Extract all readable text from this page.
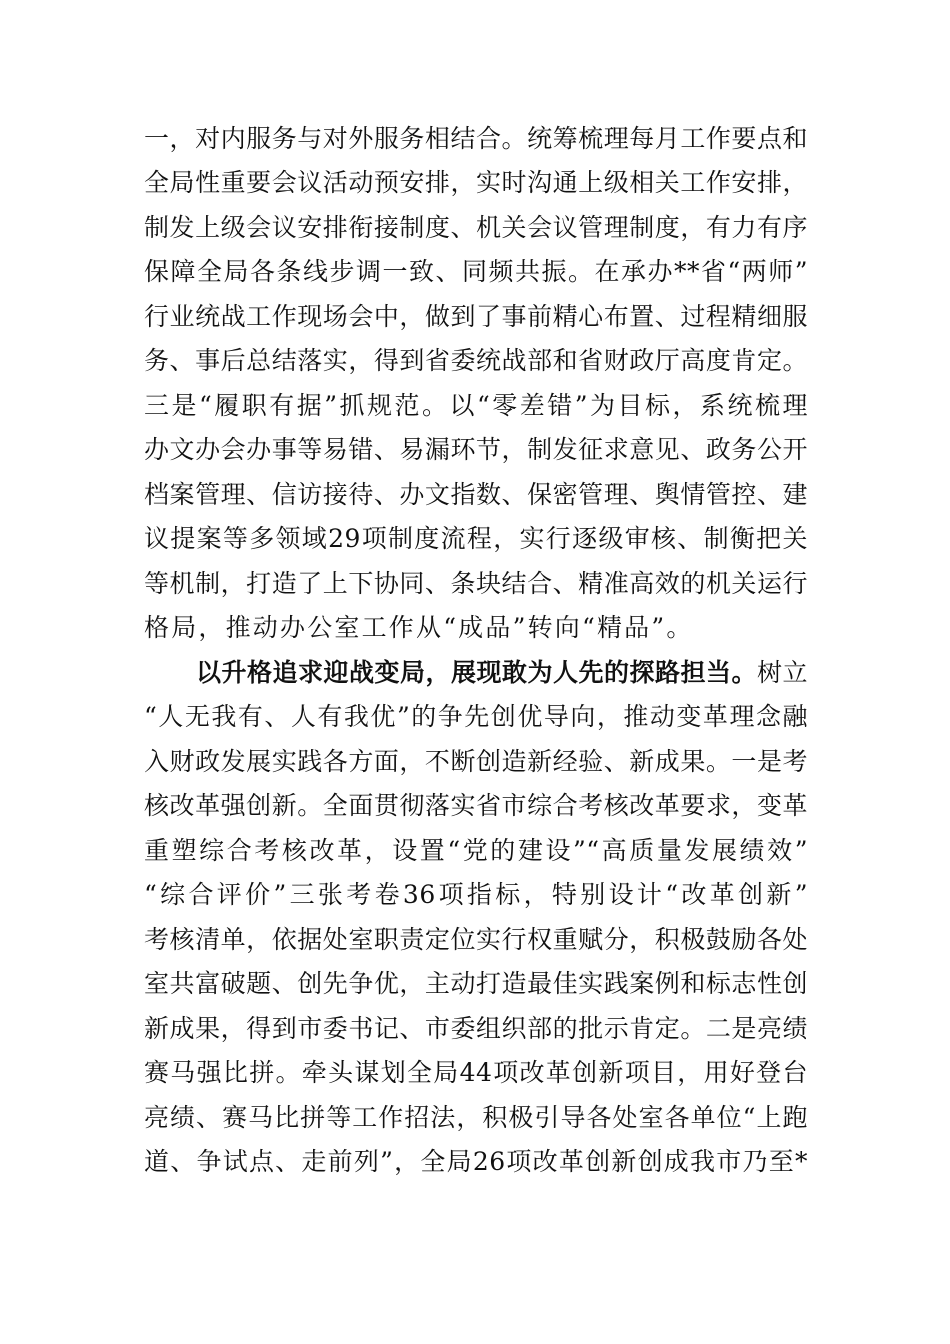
一，对内服务与对外服务相结合。统筹梳理每月工作要点和
全局性重要会议活动预安排，实时沟通上级相关工作安排，
制发上级会议安排衔接制度、机关会议管理制度，有力有序
保障全局各条线步调一致、同频共振。在承办**省“两师”
行业统战工作现场会中，做到了事前精心布置、过程精细服
务、事后总结落实，得到省委统战部和省财政厅高度肯定。
三是“履职有据”抓规范。以“零差错”为目标，系统梳理
办文办会办事等易错、易漏环节，制发征求意见、政务公开
档案管理、信访接待、办文指数、保密管理、舆情管控、建
议提案等多领域29项制度流程，实行逐级审核、制衡把关
等机制，打造了上下协同、条块结合、精准高效的机关运行
格局，推动办公室工作从“成品”转向“精品”。
以升格追求迎战变局，展现敢为人先的探路担当。树立
“人无我有、人有我优”的争先创优导向，推动变革理念融
入财政发展实践各方面，不断创造新经验、新成果。一是考
核改革强创新。全面贯彻落实省市综合考核改革要求，变革
重塑综合考核改革，设置“党的建设”“高质量发展绩效”
“综合评价”三张考卷36项指标，特别设计“改革创新”
考核清单，依据处室职责定位实行权重赋分，积极鼓励各处
室共富破题、创先争优，主动打造最佳实践案例和标志性创
新成果，得到市委书记、市委组织部的批示肯定。二是亮绩
赛马强比拼。牵头谋划全局44项改革创新项目，用好登台
亮绩、赛马比拼等工作招法，积极引导各处室各单位“上跑
道、争试点、走前列”，全局26项改革创新创成我市乃至*
